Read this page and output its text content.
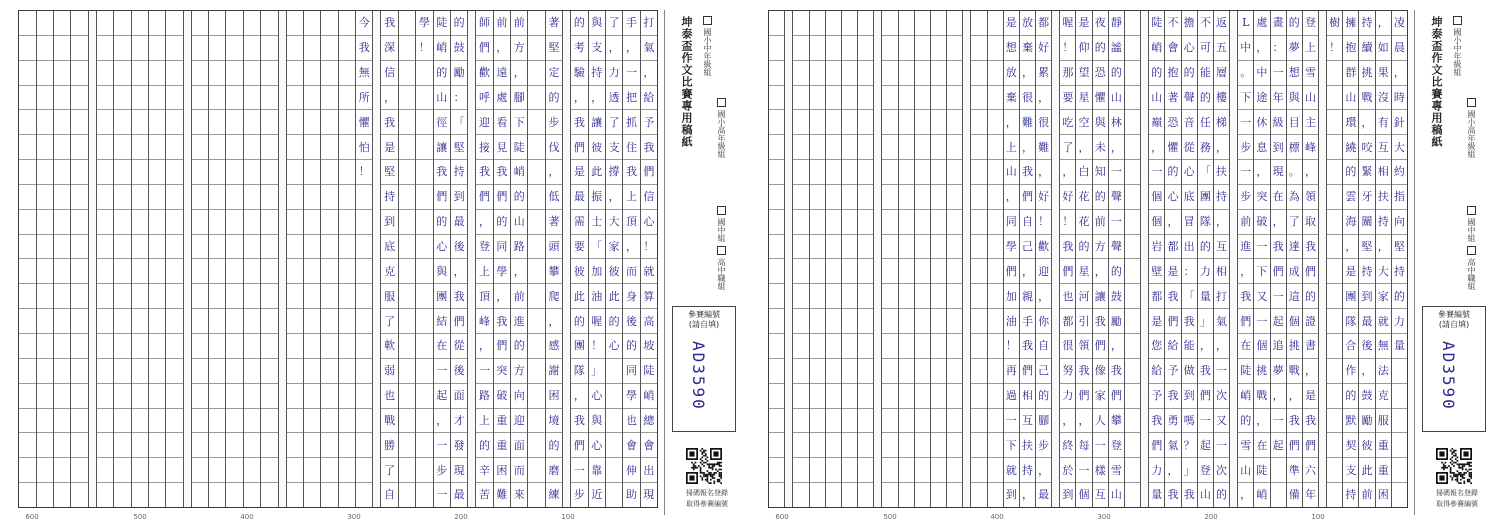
打
氣
，
給
予
我
們
信
心
！
就
算
高
坡
陡
峭
總
會
出
現
手
，
一
把
抓
住
我
上
頂
，
而
身
後
的
同
學
也
會
伸
助
了
，
力
透
了
支
撐
，
大
家
彼
此
的
心
與
支
持
，
讓
彼
此
振
士
「
加
油
喔
！
」
心
與
心
靠
近
的
考
驗
，
我
們
是
最
需
要
彼
此
的
團
隊
，
我
們
一
步
著
堅
定
的
步
伐
，
低
著
頭
攀
爬
，
感
謝
困
境
的
磨
練
前
方
，
腳
下
陡
峭
的
山
路
，
前
進
的
方
向
迎
面
而
來
前
，
遠
處
看
見
我
們
的
同
學
，
我
們
突
破
重
重
困
難
師
們
歡
呼
迎
接
我
們
，
登
上
頂
峰
，
一
路
上
的
辛
苦
的
鼓
勵
：
「
堅
持
到
最
後
，
我
們
從
後
面
才
發
現
最
陡
峭
的
山
徑
讓
我
們
的
心
與
團
結
在
一
起
，
一
步
一
學
！
我
深
信
，
我
是
堅
持
到
底
克
服
了
軟
弱
也
戰
勝
了
自
今
我
無
所
懼
怕
！
600	500	400	300	200	100
坤泰盃作文比賽專用稿紙 國小中年級組
國小高年級組
國中組
高中職組
參賽編號
(請自填)
AD3590
掃碼報名登錄
取得參賽編號
凌
晨
，
時
針
大
約
指
向
堅
持
的
力
量
，
如
果
沒
有
互
相
扶
持
，
大
家
就
無
法
克
服
重
重
困
持
續
挑
戰
，
咬
緊
牙
關
堅
持
到
最
後
，
鼓
勵
彼
此
前
擁
抱
群
山
環
繞
的
雲
海
，
是
團
隊
合
作
的
默
契
支
持
樹
！
登
上
雪
山
主
峰
，
領
取
我
們
的
證
書
，
是
我
們
六
年
的
夢
想
與
目
標
。
為
了
達
成
這
個
挑
戰
，
我
們
準
備
畫
：
一
年
級
到
現
在
，
我
們
一
起
追
夢
，
一
起
處
，
中
途
休
息
，
突
破
一
下
又
一
個
挑
戰
，
在
陡
峭
L
中
。
下
一
步
一
步
前
進
，
我
們
在
陡
峭
的
雪
山
，
返
五
層
樓
梯
，
扶
持
，
互
相
打
氣
，
一
次
又
一
次
的
不
可
能
的
任
務
「
團
隊
的
力
量
」
，
我
們
一
起
登
山
擔
心
的
聲
音
從
心
底
冒
出
：
「
我
能
做
到
嗎
？
」
我
不
會
抱
著
恐
懼
的
心
，
都
是
我
們
給
予
我
勇
氣
，
我
陡
峭
的
山
巔
，
一
個
個
岩
壁
都
是
您
給
予
我
們
力
量
靜
謐
的
山
林
，
一
聲
一
聲
的
鼓
勵
，
我
們
攀
登
雪
山
夜
的
恐
懼
與
未
知
的
前
方
，
讓
我
們
像
家
人
一
樣
互
是
仰
望
星
空
，
白
花
花
的
星
河
引
領
我
們
，
每
一
個
喔
！
那
要
吃
了
，
好
！
我
們
也
都
很
努
力
，
終
於
到
都
好
累
，
很
難
，
好
！
歡
迎
，
你
自
己
的
腳
步
，
最
放
棄
，
很
難
，
我
們
自
己
，
親
手
我
們
相
互
扶
持
，
是
想
放
棄
，
上
山
，
同
學
們
加
油
！
再
過
一
下
就
到
600	500	400	300	200	100
坤泰盃作文比賽專用稿紙 國小中年級組
國小高年級組
國中組
高中職組
參賽編號
(請自填)
AD3590
掃碼報名登錄
取得參賽編號
